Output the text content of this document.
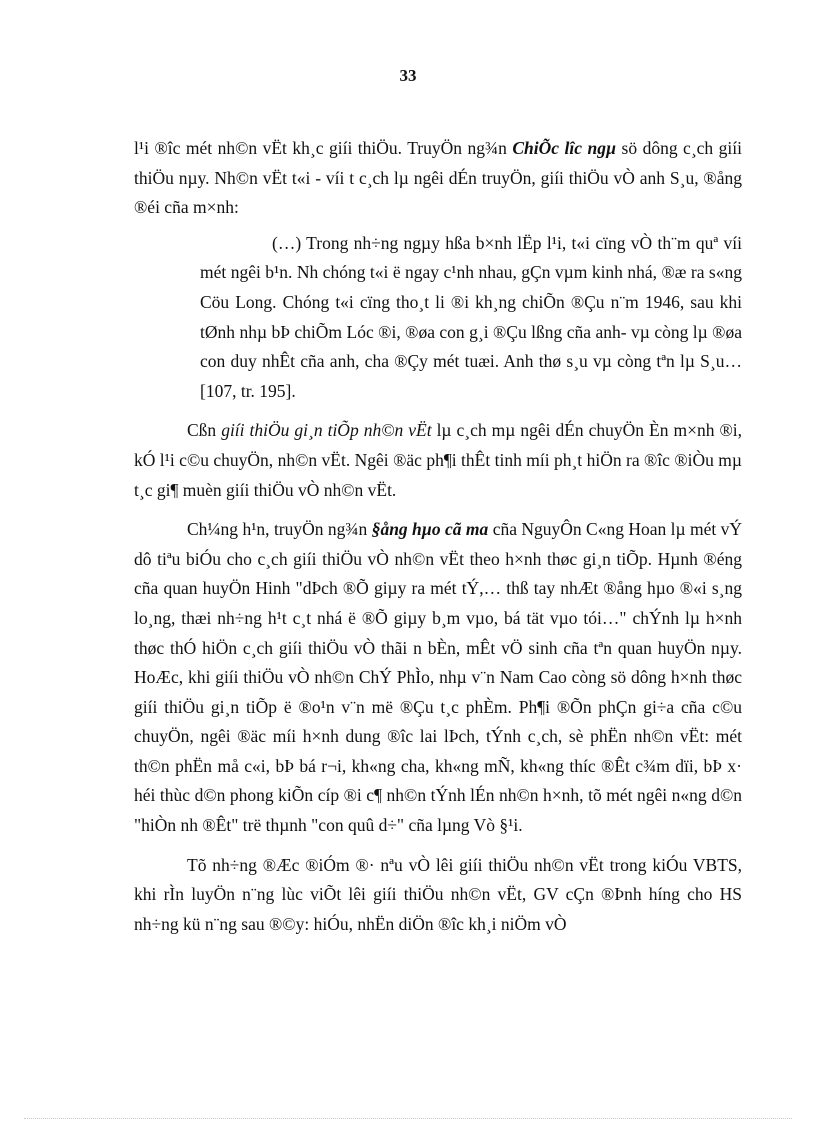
33

l¹i ®îc mét nh©n vËt kh¸c giíi thiÖu. TruyÖn ng¾n ChiÕc lîc ngµ sö dông c¸ch giíi thiÖu nµy. Nh©n vËt t«i - víi t c¸ch lµ ngêi dÉn truyÖn, giíi thiÖu vÒ anh S¸u, ®ång ®éi cña m×nh:

(…) Trong nh÷ng ngµy hßa b×nh lËp l¹i, t«i cïng vÒ th¨m quª víi mét ngêi b¹n. Nh chóng t«i ë ngay c¹nh nhau, gÇn vµm kinh nhá, ®æ ra s«ng Cöu Long. Chóng t«i cïng tho¸t li ®i kh¸ng chiÕn ®Çu n¨m 1946, sau khi tØnh nhµ bÞ chiÕm Lóc ®i, ®øa con g¸i ®Çu lßng cña anh- vµ còng lµ ®øa con duy nhÊt cña anh, cha ®Çy mét tuæi. Anh thø s¸u vµ còng tªn lµ S¸u… [107, tr. 195].

Cßn giíi thiÖu gi¸n tiÕp nh©n vËt lµ c¸ch mµ ngêi dÉn chuyÖn Èn m×nh ®i, kÓ l¹i c©u chuyÖn, nh©n vËt. Ngêi ®äc ph¶i thÊt tinh míi ph¸t hiÖn ra ®îc ®iÒu mµ t¸c gi¶ muèn giíi thiÖu vÒ nh©n vËt.

Ch¼ng h¹n, truyÖn ng¾n §ång hµo cã ma cña NguyÔn C«ng Hoan lµ mét vÝ dô tiªu biÓu cho c¸ch giíi thiÖu vÒ nh©n vËt theo h×nh thøc gi¸n tiÕp. Hµnh ®éng cña quan huyÖn Hinh "dÞch ®Õ giµy ra mét tÝ,… thß tay nhÆt ®ång hµo ®«i s¸ng lo¸ng, thæi nh÷ng h¹t c¸t nhá ë ®Õ giµy b¸m vµo, bá tät vµo tói…" chÝnh lµ h×nh thøc thÓ hiÖn c¸ch giíi thiÖu vÒ thãi n bÈn, mÊt vÖ sinh cña tªn quan huyÖn nµy. HoÆc, khi giíi thiÖu vÒ nh©n ChÝ PhÌo, nhµ v¨n Nam Cao còng sö dông h×nh thøc giíi thiÖu gi¸n tiÕp ë ®o¹n v¨n më ®Çu t¸c phÈm. Ph¶i ®Õn phÇn gi÷a cña c©u chuyÖn, ngêi ®äc míi h×nh dung ®îc lai lÞch, tÝnh c¸ch, sè phËn nh©n vËt: mét th©n phËn må c«i, bÞ bá r¬i, kh«ng cha, kh«ng mÑ, kh«ng thíc ®Êt c¾m dïi, bÞ x· héi thùc d©n phong kiÕn cíp ®i c¶ nh©n tÝnh lÉn nh©n h×nh, tõ mét ngêi n«ng d©n "hiÒn nh ®Êt" trë thµnh "con quû d÷" cña lµng Vò §¹i.

Tõ nh÷ng ®Æc ®iÓm ®· nªu vÒ lêi giíi thiÖu nh©n vËt trong kiÓu VBTS, khi rÌn luyÖn n¨ng lùc viÕt lêi giíi thiÖu nh©n vËt, GV cÇn ®Þnh híng cho HS nh÷ng kü n¨ng sau ®©y: hiÓu, nhËn diÖn ®îc kh¸i niÖm vÒ
